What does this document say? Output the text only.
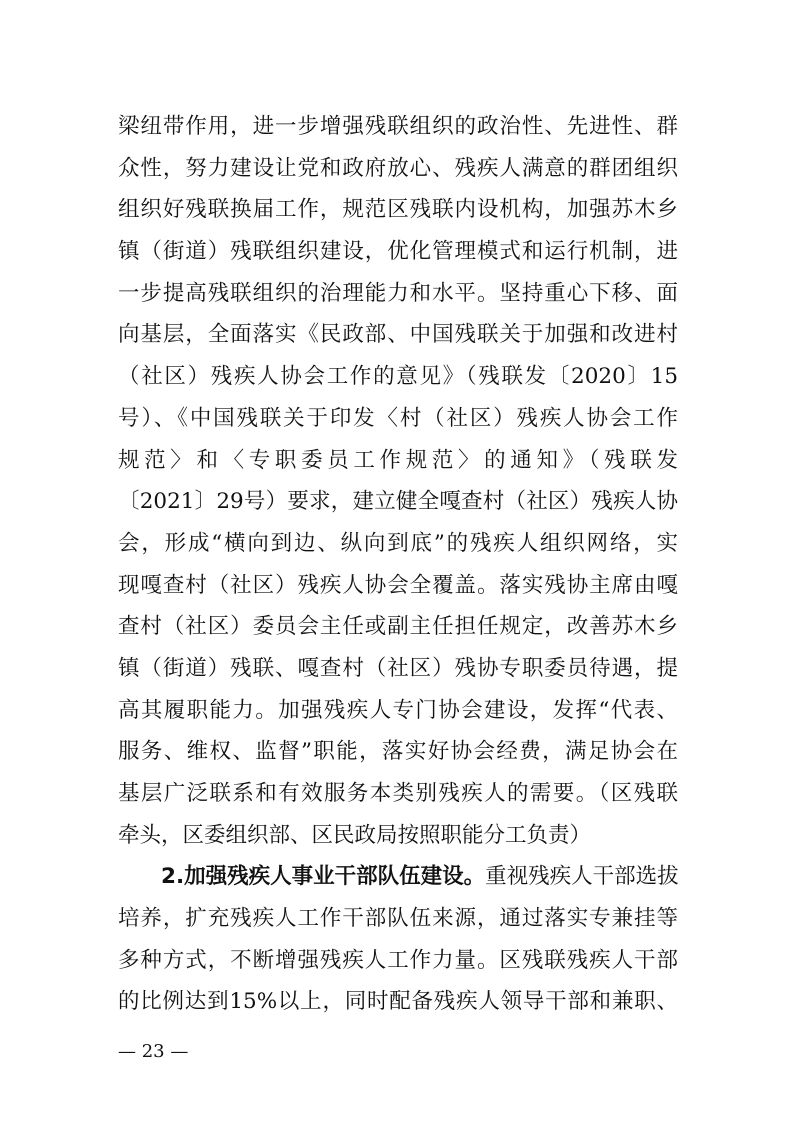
梁纽带作用，进一步增强残联组织的政治性、先进性、群
众性，努力建设让党和政府放心、残疾人满意的群团组织
组织好残联换届工作，规范区残联内设机构，加强苏木乡
镇（街道）残联组织建设，优化管理模式和运行机制，进
一步提高残联组织的治理能力和水平。坚持重心下移、面
向基层，全面落实《民政部、中国残联关于加强和改进村
（社区）残疾人协会工作的意见》（残联发〔2020〕15
号）、《中国残联关于印发〈村（社区）残疾人协会工作
规范〉和〈专职委员工作规范〉的通知》（残联发
〔2021〕29号）要求，建立健全嘎查村（社区）残疾人协
会，形成“横向到边、纵向到底”的残疾人组织网络，实
现嘎查村（社区）残疾人协会全覆盖。落实残协主席由嘎
查村（社区）委员会主任或副主任担任规定，改善苏木乡
镇（街道）残联、嘎查村（社区）残协专职委员待遇，提
高其履职能力。加强残疾人专门协会建设，发挥“代表、
服务、维权、监督”职能，落实好协会经费，满足协会在
基层广泛联系和有效服务本类别残疾人的需要。（区残联
牵头，区委组织部、区民政局按照职能分工负责）
2.加强残疾人事业干部队伍建设。重视残疾人干部选拔
培养，扩充残疾人工作干部队伍来源，通过落实专兼挂等
多种方式，不断增强残疾人工作力量。区残联残疾人干部
的比例达到15%以上，同时配备残疾人领导干部和兼职、
— 23 —
